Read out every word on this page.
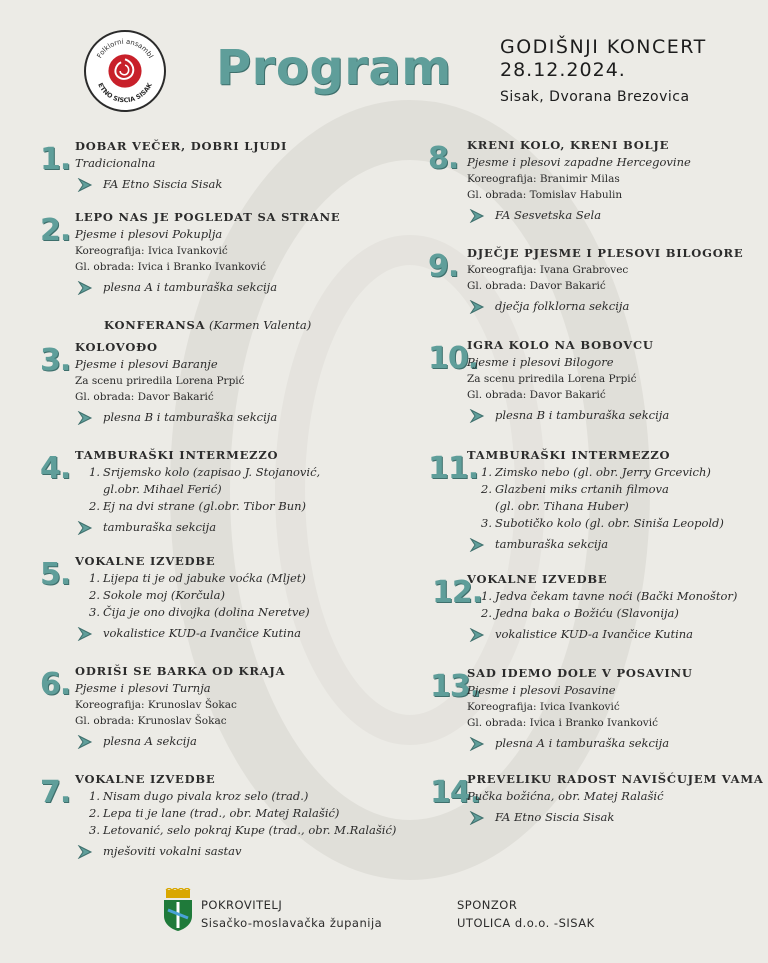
Folklorni ansambl
ETNO SISCIA SISAK Program	GODIŠNJI KONCERT
28.12.2024.
Sisak, Dvorana Brezovica
KONFERANSA (Karmen Valenta)
1. DOBAR VEČER, DOBRI LJUDI
Tradicionalna
FA Etno Siscia Sisak
2. LEPO NAS JE POGLEDAT SA STRANE
Pjesme i plesovi Pokuplja
Koreografija: Ivica Ivanković
Gl. obrada: Ivica i Branko Ivanković
plesna A i tamburaška sekcija
3. KOLOVOĐO
Pjesme i plesovi Baranje
Za scenu priredila Lorena Prpić
Gl. obrada: Davor Bakarić
plesna B i tamburaška sekcija
4. TAMBURAŠKI INTERMEZZO
1. Srijemsko kolo (zapisao J. Stojanović,
gl.obr. Mihael Ferić)
2. Ej na dvi strane (gl.obr. Tibor Bun)
tamburaška sekcija
5. VOKALNE IZVEDBE
1. Lijepa ti je od jabuke voćka (Mljet)
2. Sokole moj (Korčula)
3. Čija je ono divojka (dolina Neretve)
vokalistice KUD-a Ivančice Kutina
6. ODRIŠI SE BARKA OD KRAJA
Pjesme i plesovi Turnja
Koreografija: Krunoslav Šokac
Gl. obrada: Krunoslav Šokac
plesna A sekcija
7. VOKALNE IZVEDBE
1. Nisam dugo pivala kroz selo (trad.)
2. Lepa ti je lane (trad., obr. Matej Ralašić)
3. Letovanić, selo pokraj Kupe (trad., obr. M.Ralašić)
mješoviti vokalni sastav
8. KRENI KOLO, KRENI BOLJE
Pjesme i plesovi zapadne Hercegovine
Koreografija: Branimir Milas
Gl. obrada: Tomislav Habulin
FA Sesvetska Sela
9. DJEČJE PJESME I PLESOVI BILOGORE
Koreografija: Ivana Grabrovec
Gl. obrada: Davor Bakarić
dječja folklorna sekcija
10.
IGRA KOLO NA BOBOVCU
Pjesme i plesovi Bilogore
Za scenu priredila Lorena Prpić
Gl. obrada: Davor Bakarić
plesna B i tamburaška sekcija
11.
TAMBURAŠKI INTERMEZZO
1. Zimsko nebo (gl. obr. Jerry Grcevich)
2. Glazbeni miks crtanih filmova
(gl. obr. Tihana Huber)
3. Subotičko kolo (gl. obr. Siniša Leopold)
tamburaška sekcija
12.
VOKALNE IZVEDBE
1. Jedva čekam tavne noći (Bački Monoštor)
2. Jedna baka o Božiću (Slavonija)
vokalistice KUD-a Ivančice Kutina
13.
SAD IDEMO DOLE V POSAVINU
Pjesme i plesovi Posavine
Koreografija: Ivica Ivanković
Gl. obrada: Ivica i Branko Ivanković
plesna A i tamburaška sekcija
14.
PREVELIKU RADOST NAVIŠĆUJEM VAMA
Pučka božićna, obr. Matej Ralašić
FA Etno Siscia Sisak
POKROVITELJ
Sisačko-moslavačka županija
SPONZOR
UTOLICA d.o.o. -SISAK
